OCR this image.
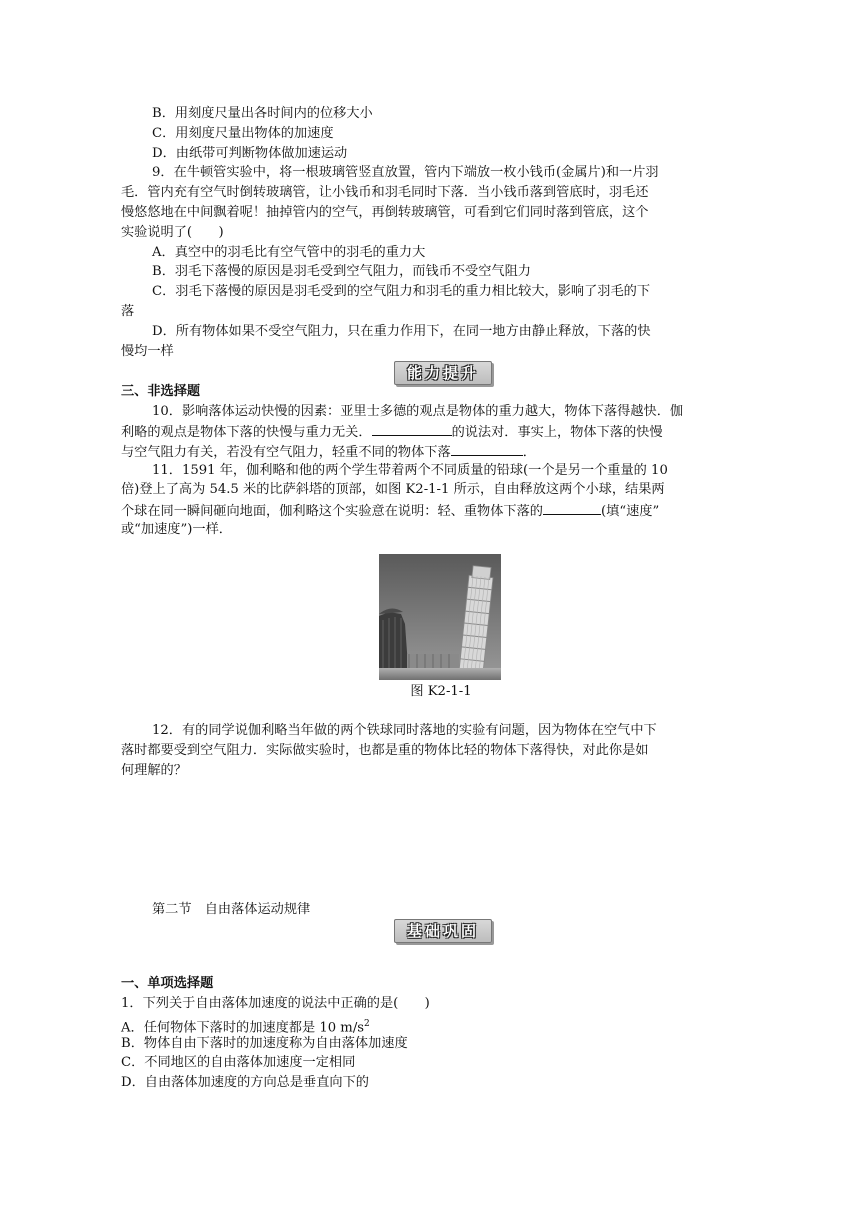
B．用刻度尺量出各时间内的位移大小
C．用刻度尺量出物体的加速度
D．由纸带可判断物体做加速运动
9．在牛顿管实验中，将一根玻璃管竖直放置，管内下端放一枚小钱币(金属片)和一片羽
毛．管内充有空气时倒转玻璃管，让小钱币和羽毛同时下落．当小钱币落到管底时，羽毛还
慢悠悠地在中间飘着呢！抽掉管内的空气，再倒转玻璃管，可看到它们同时落到管底，这个
实验说明了(　　)
A．真空中的羽毛比有空气管中的羽毛的重力大
B．羽毛下落慢的原因是羽毛受到空气阻力，而钱币不受空气阻力
C．羽毛下落慢的原因是羽毛受到的空气阻力和羽毛的重力相比较大，影响了羽毛的下
落
D．所有物体如果不受空气阻力，只在重力作用下，在同一地方由静止释放，下落的快
慢均一样
能力提升
三、非选择题
10．影响落体运动快慢的因素：亚里士多德的观点是物体的重力越大，物体下落得越快．伽
利略的观点是物体下落的快慢与重力无关．	的说法对．事实上，物体下落的快慢
与空气阻力有关，若没有空气阻力，轻重不同的物体下落	．
11．1591 年，伽利略和他的两个学生带着两个不同质量的铅球(一个是另一个重量的 10
倍)登上了高为 54.5 米的比萨斜塔的顶部，如图 K2-1-1 所示，自由释放这两个小球，结果两
个球在同一瞬间砸向地面，伽利略这个实验意在说明：轻、重物体下落的	(填“速度”
或“加速度”)一样．
图 K2-1-1
12．有的同学说伽利略当年做的两个铁球同时落地的实验有问题，因为物体在空气中下
落时都要受到空气阻力．实际做实验时，也都是重的物体比轻的物体下落得快，对此你是如
何理解的？
第二节　自由落体运动规律
基础巩固
一、单项选择题
1．下列关于自由落体加速度的说法中正确的是(　　)
A．任何物体下落时的加速度都是 10 $m/s^2$
B．物体自由下落时的加速度称为自由落体加速度
C．不同地区的自由落体加速度一定相同
D．自由落体加速度的方向总是垂直向下的
